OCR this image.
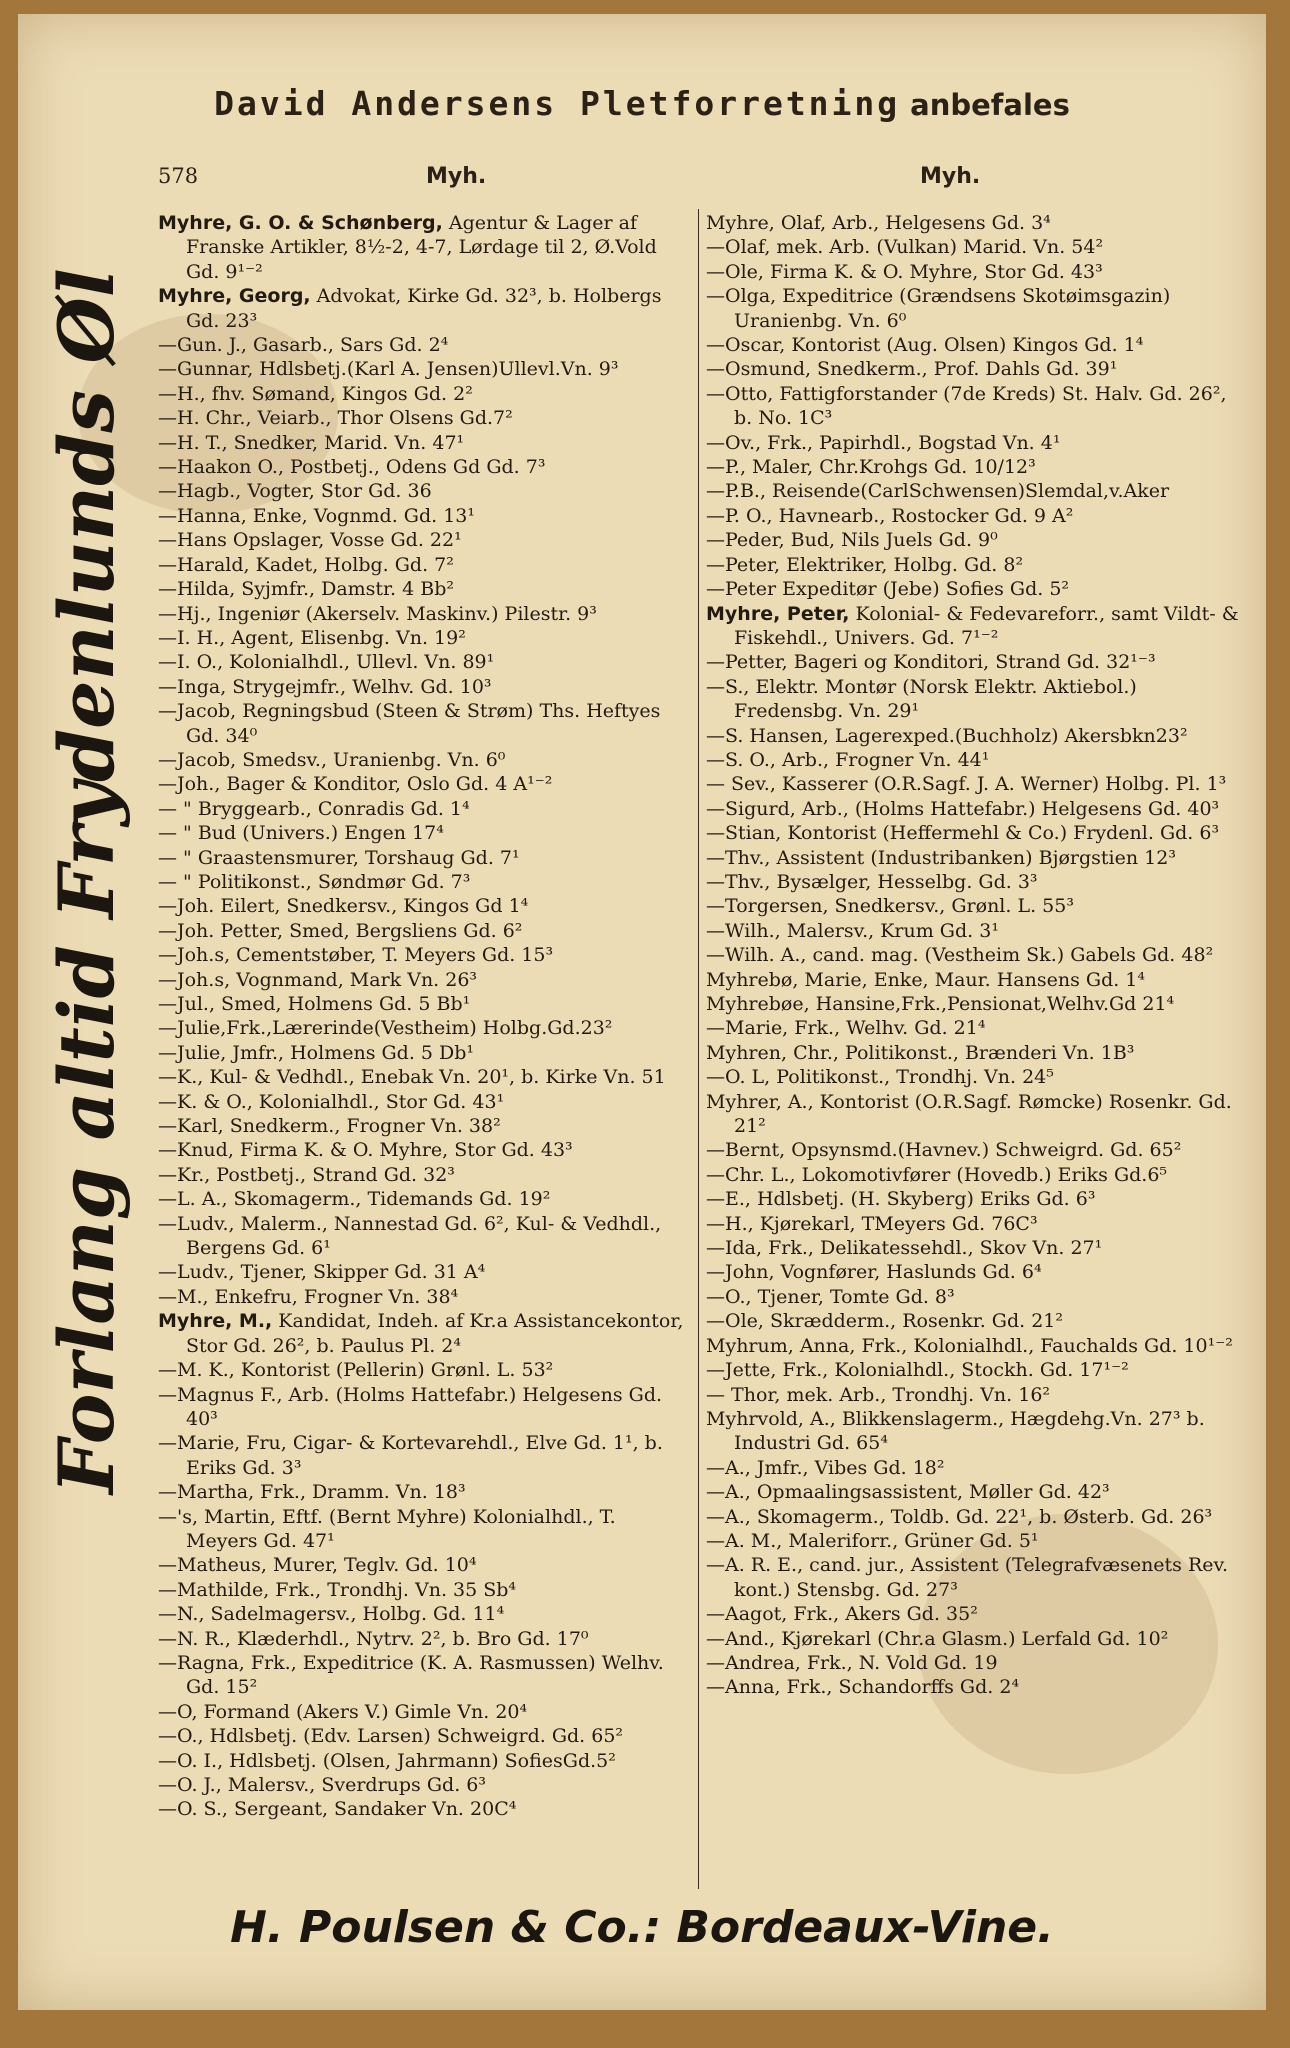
David Andersens Pletforretning anbefales
578	Myh.	Myh.
Forlang altid Frydenlunds Øl
Myhre, G. O. & Schønberg, Agentur & Lager af Franske Artikler, 8½-2, 4-7, Lørdage til 2, Ø.Vold Gd. 9¹⁻²
Myhre, Georg, Advokat, Kirke Gd. 32³, b. Holbergs Gd. 23³
—Gun. J., Gasarb., Sars Gd. 2⁴
—Gunnar, Hdlsbetj.(Karl A. Jensen)Ullevl.Vn. 9³
—H., fhv. Sømand, Kingos Gd. 2²
—H. Chr., Veiarb., Thor Olsens Gd.7²
—H. T., Snedker, Marid. Vn. 47¹
—Haakon O., Postbetj., Odens Gd Gd. 7³
—Hagb., Vogter, Stor Gd. 36
—Hanna, Enke, Vognmd. Gd. 13¹
—Hans Opslager, Vosse Gd. 22¹
—Harald, Kadet, Holbg. Gd. 7²
—Hilda, Syjmfr., Damstr. 4 Bb²
—Hj., Ingeniør (Akerselv. Maskinv.) Pilestr. 9³
—I. H., Agent, Elisenbg. Vn. 19²
—I. O., Kolonialhdl., Ullevl. Vn. 89¹
—Inga, Strygejmfr., Welhv. Gd. 10³
—Jacob, Regningsbud (Steen & Strøm) Ths. Heftyes Gd. 34⁰
—Jacob, Smedsv., Uranienbg. Vn. 6⁰
—Joh., Bager & Konditor, Oslo Gd. 4 A¹⁻²
— " Bryggearb., Conradis Gd. 1⁴
— " Bud (Univers.) Engen 17⁴
— " Graastensmurer, Torshaug Gd. 7¹
— " Politikonst., Søndmør Gd. 7³
—Joh. Eilert, Snedkersv., Kingos Gd 1⁴
—Joh. Petter, Smed, Bergsliens Gd. 6²
—Joh.s, Cementstøber, T. Meyers Gd. 15³
—Joh.s, Vognmand, Mark Vn. 26³
—Jul., Smed, Holmens Gd. 5 Bb¹
—Julie,Frk.,Lærerinde(Vestheim) Holbg.Gd.23²
—Julie, Jmfr., Holmens Gd. 5 Db¹
—K., Kul- & Vedhdl., Enebak Vn. 20¹, b. Kirke Vn. 51
—K. & O., Kolonialhdl., Stor Gd. 43¹
—Karl, Snedkerm., Frogner Vn. 38²
—Knud, Firma K. & O. Myhre, Stor Gd. 43³
—Kr., Postbetj., Strand Gd. 32³
—L. A., Skomagerm., Tidemands Gd. 19²
—Ludv., Malerm., Nannestad Gd. 6², Kul- & Vedhdl., Bergens Gd. 6¹
—Ludv., Tjener, Skipper Gd. 31 A⁴
—M., Enkefru, Frogner Vn. 38⁴
Myhre, M., Kandidat, Indeh. af Kr.a Assistancekontor, Stor Gd. 26², b. Paulus Pl. 2⁴
—M. K., Kontorist (Pellerin) Grønl. L. 53²
—Magnus F., Arb. (Holms Hattefabr.) Helgesens Gd. 40³
—Marie, Fru, Cigar- & Kortevarehdl., Elve Gd. 1¹, b. Eriks Gd. 3³
—Martha, Frk., Dramm. Vn. 18³
—'s, Martin, Eftf. (Bernt Myhre) Kolonialhdl., T. Meyers Gd. 47¹
—Matheus, Murer, Teglv. Gd. 10⁴
—Mathilde, Frk., Trondhj. Vn. 35 Sb⁴
—N., Sadelmagersv., Holbg. Gd. 11⁴
—N. R., Klæderhdl., Nytrv. 2², b. Bro Gd. 17⁰
—Ragna, Frk., Expeditrice (K. A. Rasmussen) Welhv. Gd. 15²
—O, Formand (Akers V.) Gimle Vn. 20⁴
—O., Hdlsbetj. (Edv. Larsen) Schweigrd. Gd. 65²
—O. I., Hdlsbetj. (Olsen, Jahrmann) SofiesGd.5²
—O. J., Malersv., Sverdrups Gd. 6³
—O. S., Sergeant, Sandaker Vn. 20C⁴
Myhre, Olaf, Arb., Helgesens Gd. 3⁴
—Olaf, mek. Arb. (Vulkan) Marid. Vn. 54²
—Ole, Firma K. & O. Myhre, Stor Gd. 43³
—Olga, Expeditrice (Grændsens Skotøimsgazin) Uranienbg. Vn. 6⁰
—Oscar, Kontorist (Aug. Olsen) Kingos Gd. 1⁴
—Osmund, Snedkerm., Prof. Dahls Gd. 39¹
—Otto, Fattigforstander (7de Kreds) St. Halv. Gd. 26², b. No. 1C³
—Ov., Frk., Papirhdl., Bogstad Vn. 4¹
—P., Maler, Chr.Krohgs Gd. 10/12³
—P.B., Reisende(CarlSchwensen)Slemdal,v.Aker
—P. O., Havnearb., Rostocker Gd. 9 A²
—Peder, Bud, Nils Juels Gd. 9⁰
—Peter, Elektriker, Holbg. Gd. 8²
—Peter Expeditør (Jebe) Sofies Gd. 5²
Myhre, Peter, Kolonial- & Fedevareforr., samt Vildt- & Fiskehdl., Univers. Gd. 7¹⁻²
—Petter, Bageri og Konditori, Strand Gd. 32¹⁻³
—S., Elektr. Montør (Norsk Elektr. Aktiebol.) Fredensbg. Vn. 29¹
—S. Hansen, Lagerexped.(Buchholz) Akersbkn23²
—S. O., Arb., Frogner Vn. 44¹
— Sev., Kasserer (O.R.Sagf. J. A. Werner) Holbg. Pl. 1³
—Sigurd, Arb., (Holms Hattefabr.) Helgesens Gd. 40³
—Stian, Kontorist (Heffermehl & Co.) Frydenl. Gd. 6³
—Thv., Assistent (Industribanken) Bjørgstien 12³
—Thv., Bysælger, Hesselbg. Gd. 3³
—Torgersen, Snedkersv., Grønl. L. 55³
—Wilh., Malersv., Krum Gd. 3¹
—Wilh. A., cand. mag. (Vestheim Sk.) Gabels Gd. 48²
Myhrebø, Marie, Enke, Maur. Hansens Gd. 1⁴
Myhrebøe, Hansine,Frk.,Pensionat,Welhv.Gd 21⁴
—Marie, Frk., Welhv. Gd. 21⁴
Myhren, Chr., Politikonst., Brænderi Vn. 1B³
—O. L, Politikonst., Trondhj. Vn. 24⁵
Myhrer, A., Kontorist (O.R.Sagf. Rømcke) Rosenkr. Gd. 21²
—Bernt, Opsynsmd.(Havnev.) Schweigrd. Gd. 65²
—Chr. L., Lokomotivfører (Hovedb.) Eriks Gd.6⁵
—E., Hdlsbetj. (H. Skyberg) Eriks Gd. 6³
—H., Kjørekarl, TMeyers Gd. 76C³
—Ida, Frk., Delikatessehdl., Skov Vn. 27¹
—John, Vognfører, Haslunds Gd. 6⁴
—O., Tjener, Tomte Gd. 8³
—Ole, Skrædderm., Rosenkr. Gd. 21²
Myhrum, Anna, Frk., Kolonialhdl., Fauchalds Gd. 10¹⁻²
—Jette, Frk., Kolonialhdl., Stockh. Gd. 17¹⁻²
— Thor, mek. Arb., Trondhj. Vn. 16²
Myhrvold, A., Blikkenslagerm., Hægdehg.Vn. 27³ b. Industri Gd. 65⁴
—A., Jmfr., Vibes Gd. 18²
—A., Opmaalingsassistent, Møller Gd. 42³
—A., Skomagerm., Toldb. Gd. 22¹, b. Østerb. Gd. 26³
—A. M., Maleriforr., Grüner Gd. 5¹
—A. R. E., cand. jur., Assistent (Telegrafvæsenets Rev. kont.) Stensbg. Gd. 27³
—Aagot, Frk., Akers Gd. 35²
—And., Kjørekarl (Chr.a Glasm.) Lerfald Gd. 10²
—Andrea, Frk., N. Vold Gd. 19
—Anna, Frk., Schandorffs Gd. 2⁴
H. Poulsen & Co.: Bordeaux-Vine.
